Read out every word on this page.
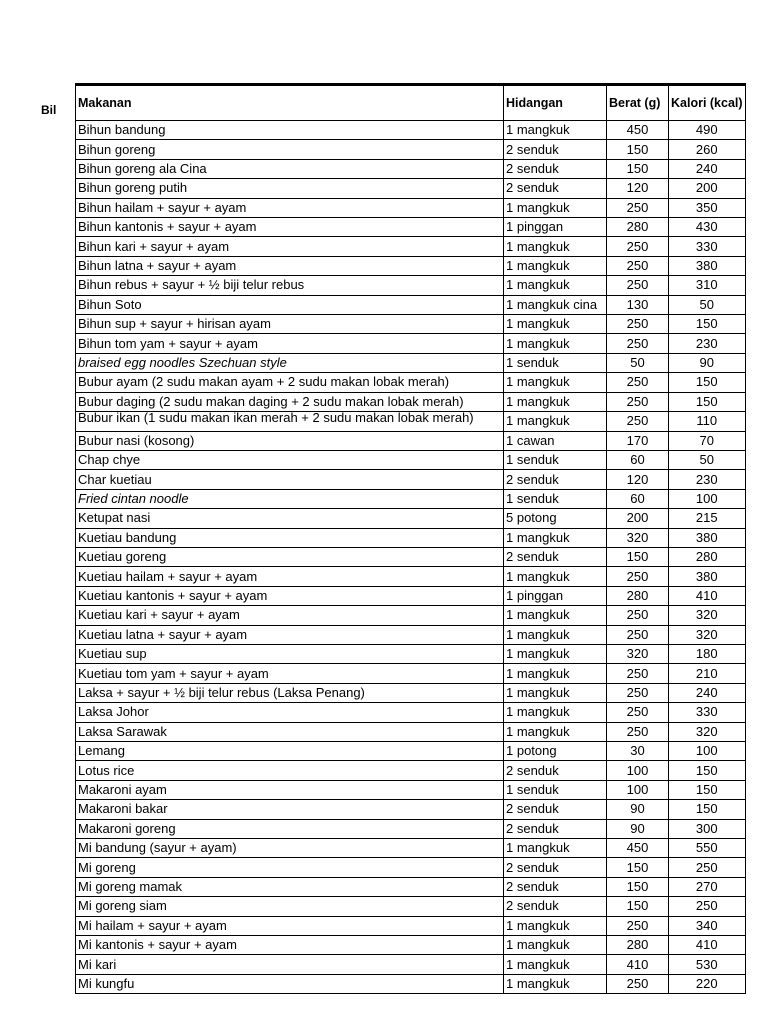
Bil
Makanan	Hidangan	Berat (g)	Kalori (kcal)
Bihun bandung	1 mangkuk	450	490
Bihun goreng	2 senduk	150	260
Bihun goreng ala Cina	2 senduk	150	240
Bihun goreng putih	2 senduk	120	200
Bihun hailam + sayur + ayam	1 mangkuk	250	350
Bihun kantonis + sayur + ayam	1 pinggan	280	430
Bihun kari + sayur + ayam	1 mangkuk	250	330
Bihun latna + sayur + ayam	1 mangkuk	250	380
Bihun rebus + sayur + ½ biji telur rebus	1 mangkuk	250	310
Bihun Soto	1 mangkuk cina	130	50
Bihun sup + sayur + hirisan ayam	1 mangkuk	250	150
Bihun tom yam + sayur + ayam	1 mangkuk	250	230
braised egg noodles Szechuan style	1 senduk	50	90
Bubur ayam (2 sudu makan ayam + 2 sudu makan lobak merah)	1 mangkuk	250	150
Bubur daging (2 sudu makan daging + 2 sudu makan lobak merah)	1 mangkuk	250	150
Bubur ikan (1 sudu makan ikan merah + 2 sudu makan lobak merah)	1 mangkuk	250	110
Bubur nasi (kosong)	1 cawan	170	70
Chap chye	1 senduk	60	50
Char kuetiau	2 senduk	120	230
Fried cintan noodle	1 senduk	60	100
Ketupat nasi	5 potong	200	215
Kuetiau bandung	1 mangkuk	320	380
Kuetiau goreng	2 senduk	150	280
Kuetiau hailam + sayur + ayam	1 mangkuk	250	380
Kuetiau kantonis + sayur + ayam	1 pinggan	280	410
Kuetiau kari + sayur + ayam	1 mangkuk	250	320
Kuetiau latna + sayur + ayam	1 mangkuk	250	320
Kuetiau sup	1 mangkuk	320	180
Kuetiau tom yam + sayur + ayam	1 mangkuk	250	210
Laksa + sayur + ½ biji telur rebus (Laksa Penang)	1 mangkuk	250	240
Laksa Johor	1 mangkuk	250	330
Laksa Sarawak	1 mangkuk	250	320
Lemang	1 potong	30	100
Lotus rice	2 senduk	100	150
Makaroni ayam	1 senduk	100	150
Makaroni bakar	2 senduk	90	150
Makaroni goreng	2 senduk	90	300
Mi bandung (sayur + ayam)	1 mangkuk	450	550
Mi goreng	2 senduk	150	250
Mi goreng mamak	2 senduk	150	270
Mi goreng siam	2 senduk	150	250
Mi hailam + sayur + ayam	1 mangkuk	250	340
Mi kantonis + sayur + ayam	1 mangkuk	280	410
Mi kari	1 mangkuk	410	530
Mi kungfu	1 mangkuk	250	220
